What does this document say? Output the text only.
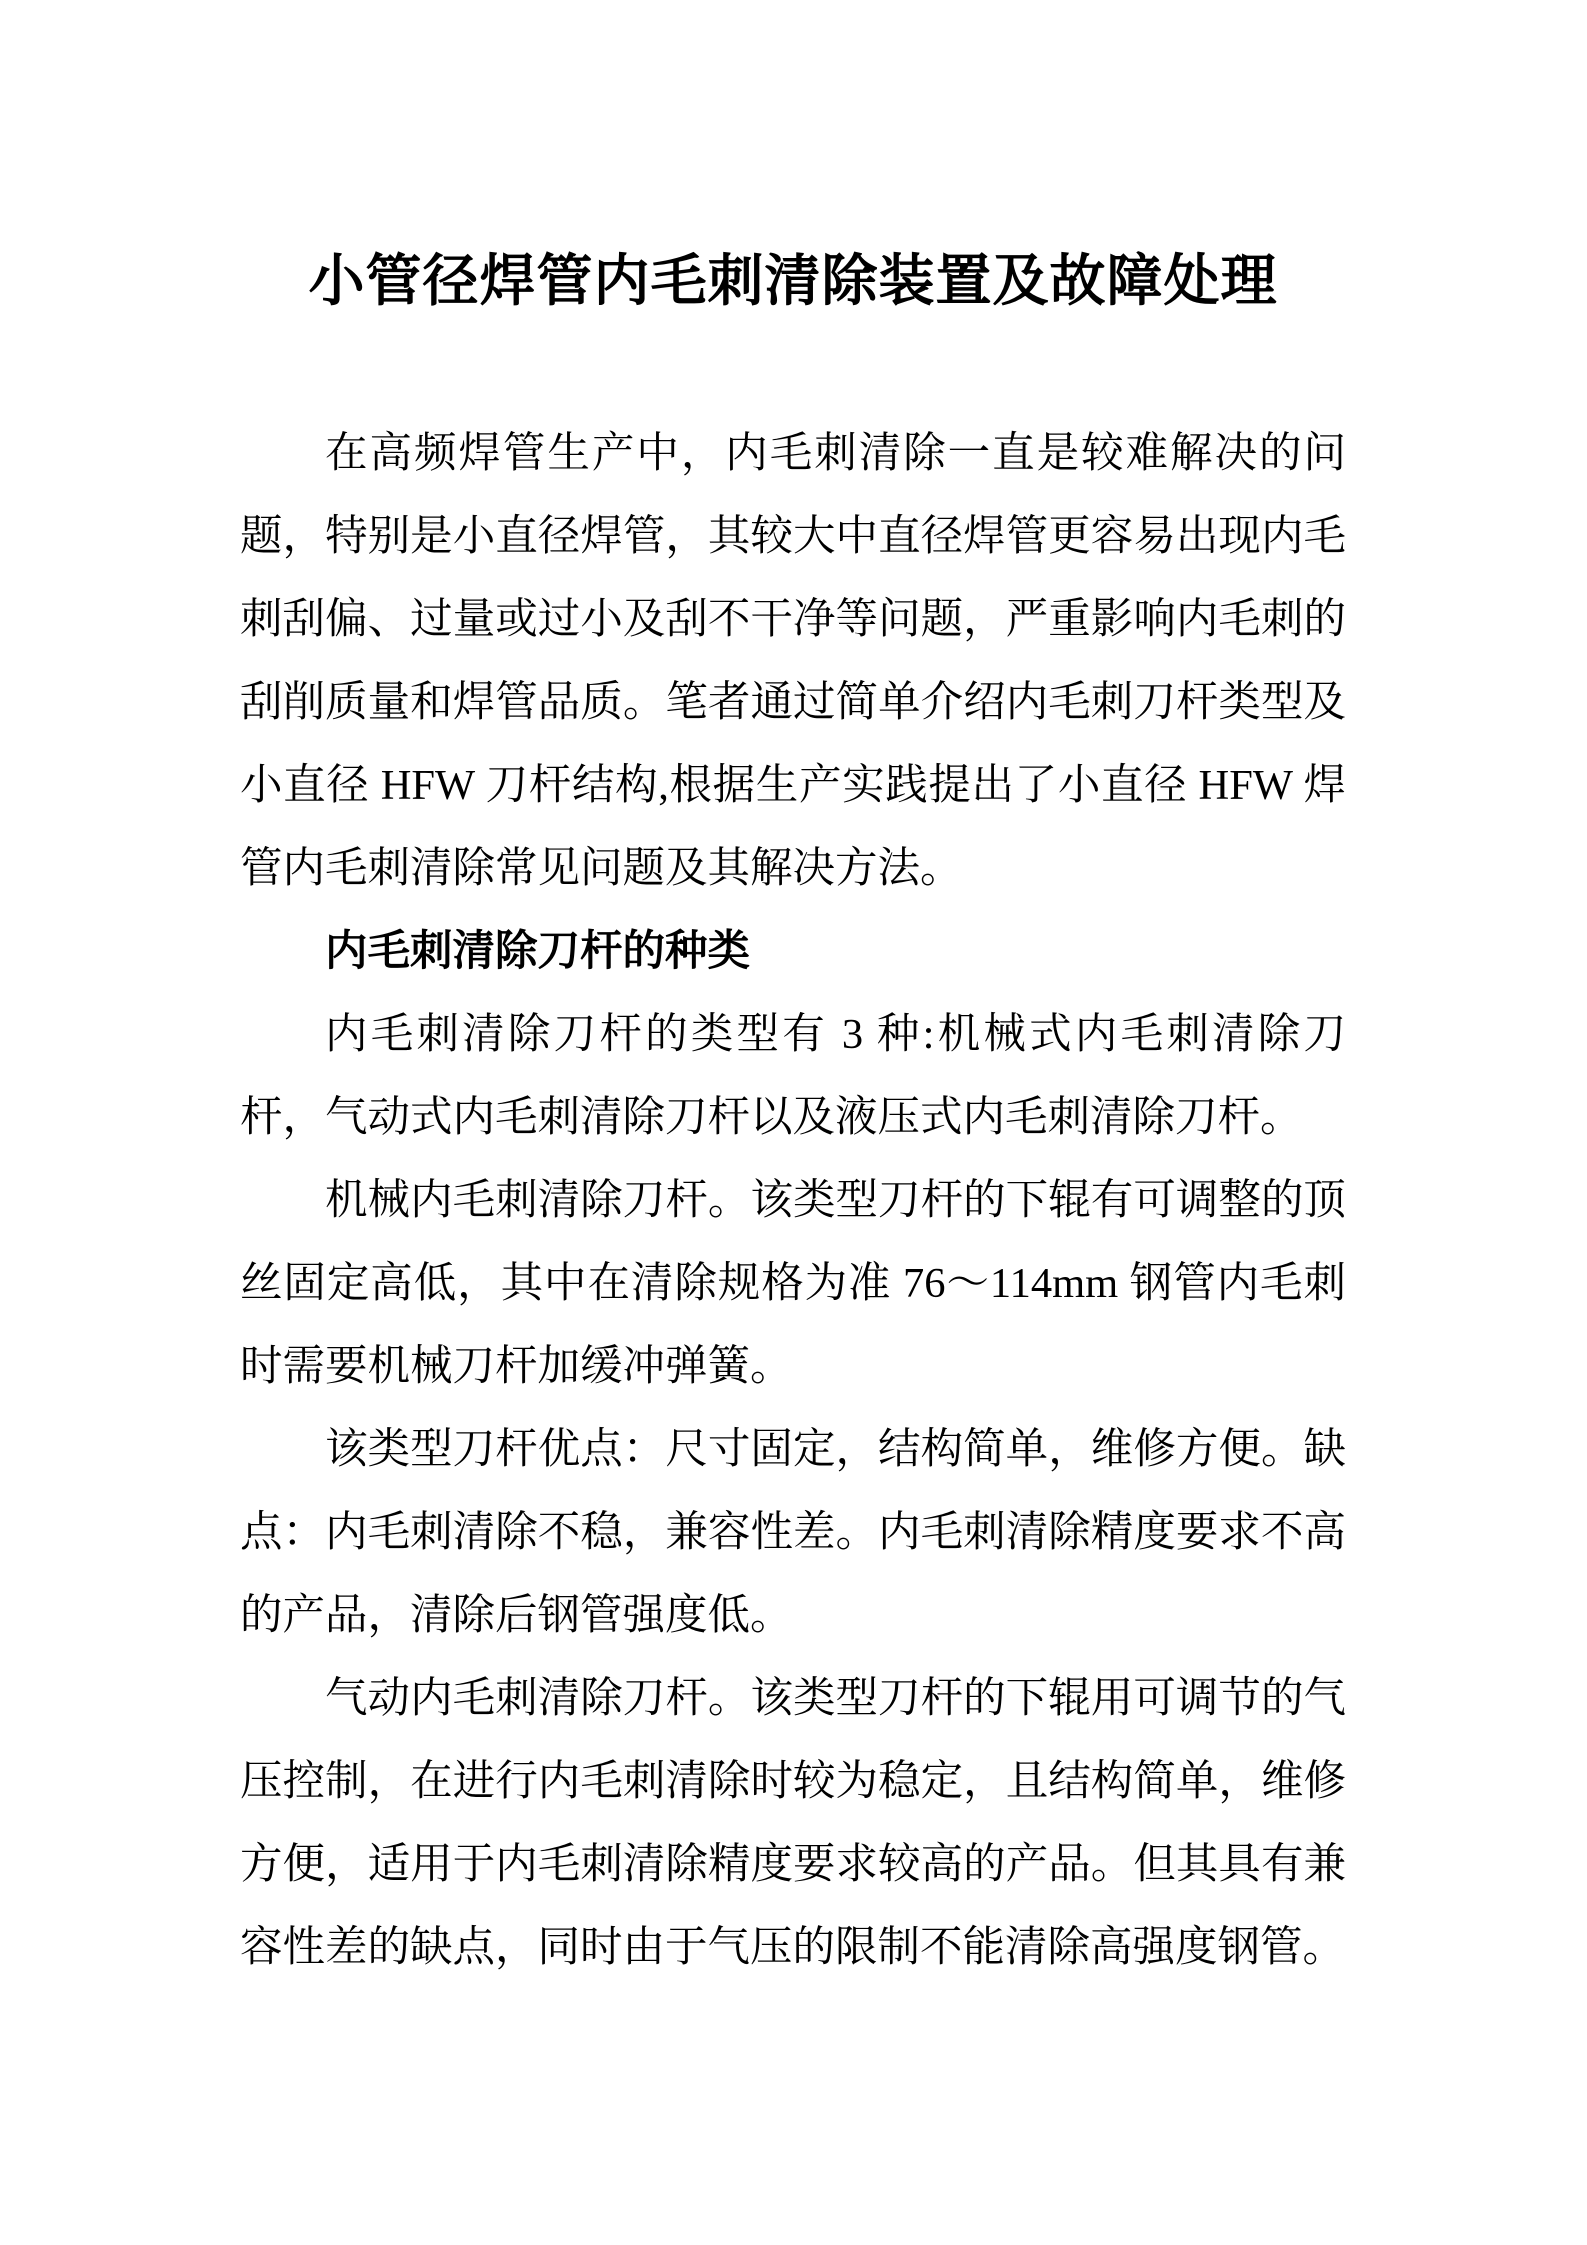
小管径焊管内毛刺清除装置及故障处理

在高频焊管生产中，内毛刺清除一直是较难解决的问题，特别是小直径焊管，其较大中直径焊管更容易出现内毛刺刮偏、过量或过小及刮不干净等问题，严重影响内毛刺的刮削质量和焊管品质。笔者通过简单介绍内毛刺刀杆类型及小直径 HFW 刀杆结构,根据生产实践提出了小直径 HFW 焊管内毛刺清除常见问题及其解决方法。

内毛刺清除刀杆的种类

内毛刺清除刀杆的类型有 3 种:机械式内毛刺清除刀杆，气动式内毛刺清除刀杆以及液压式内毛刺清除刀杆。

机械内毛刺清除刀杆。该类型刀杆的下辊有可调整的顶丝固定高低，其中在清除规格为准 76～114mm 钢管内毛刺时需要机械刀杆加缓冲弹簧。

该类型刀杆优点：尺寸固定，结构简单，维修方便。缺点：内毛刺清除不稳，兼容性差。内毛刺清除精度要求不高的产品，清除后钢管强度低。

气动内毛刺清除刀杆。该类型刀杆的下辊用可调节的气压控制，在进行内毛刺清除时较为稳定，且结构简单，维修方便，适用于内毛刺清除精度要求较高的产品。但其具有兼容性差的缺点，同时由于气压的限制不能清除高强度钢管。
